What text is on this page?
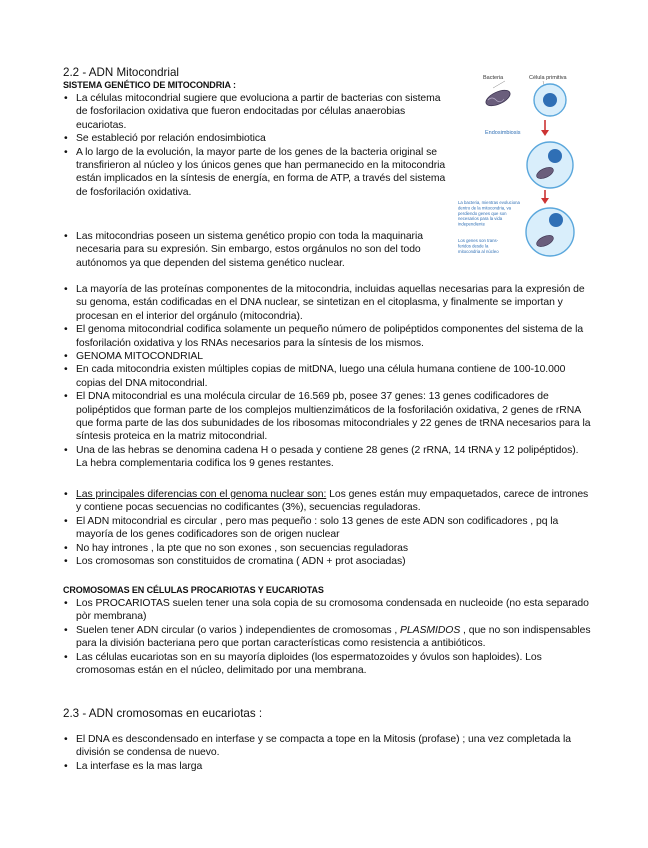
2.2 - ADN Mitocondrial
SISTEMA GENÉTICO DE MITOCONDRIA :
• La células mitocondrial sugiere que evoluciona a partir de bacterias con sistema de fosforilacion oxidativa que fueron endocitadas por células anaerobias eucariotas.
• Se estableció por relación endosimbiotica
• A lo largo de la evolución, la mayor parte de los genes de la bacteria original se transfirieron al núcleo y los únicos genes que han permanecido en la mitocondria están implicados en la síntesis de energía, en forma de ATP, a través del sistema de fosforilación oxidativa.
• Las mitocondrias poseen un sistema genético propio con toda la maquinaria necesaria para su expresión. Sin embargo, estos orgánulos no son del todo autónomos ya que dependen del sistema genético nuclear.
• La mayoría de las proteínas componentes de la mitocondria, incluidas aquellas necesarias para la expresión de su genoma, están codificadas en el DNA nuclear, se sintetizan en el citoplasma, y finalmente se importan y procesan en el interior del orgánulo (mitocondria).
• El genoma mitocondrial codifica solamente un pequeño número de polipéptidos componentes del sistema de la fosforilación oxidativa y los RNAs necesarios para la síntesis de los mismos.
• GENOMA MITOCONDRIAL
• En cada mitocondria existen múltiples copias de mitDNA, luego una célula humana contiene de 100-10.000 copias del DNA mitocondrial.
• El DNA mitocondrial es una molécula circular de 16.569 pb, posee 37 genes: 13 genes codificadores de polipéptidos que forman parte de los complejos multienzimáticos de la fosforilación oxidativa, 2 genes de rRNA que forma parte de las dos subunidades de los ribosomas mitocondriales y 22 genes de tRNA necesarios para la síntesis proteica en la matriz mitocondrial.
• Una de las hebras se denomina cadena H o pesada y contiene 28 genes (2 rRNA, 14 tRNA y 12 polipéptidos). La hebra complementaria codifica los 9 genes restantes.
• Las principales diferencias con el genoma nuclear son: Los genes están muy empaquetados, carece de intrones y contiene pocas secuencias no codificantes (3%), secuencias reguladoras.
• El ADN mitocondrial es circular , pero mas pequeño : solo 13 genes de este ADN son codificadores , pq la mayoría de los genes codificadores son de origen nuclear
• No hay intrones , la pte que no son exones , son secuencias reguladoras
• Los cromosomas son constituidos de cromatina ( ADN + prot asociadas)
CROMOSOMAS EN CÉLULAS PROCARIOTAS Y EUCARIOTAS
• Los PROCARIOTAS suelen tener una sola copia de su cromosoma condensada en nucleoide (no esta separado pòr membrana)
• Suelen tener ADN circular (o varios ) independientes de cromosomas , PLASMIDOS , que no son indispensables para la división bacteriana pero que portan características como resistencia a antibióticos.
• Las células eucariotas son en su mayoría diploides (los espermatozoides y óvulos son haploides). Los cromosomas están en el núcleo, delimitado por una membrana.
2.3 - ADN cromosomas en eucariotas :
• El DNA es descondensado en interfase y se compacta a tope en la Mitosis (profase) ; una vez completada la división se condensa de nuevo.
• La interfase es la mas larga
Bacteria	Célula primitiva
Endosimbiosis
La bacteria, mientras evoluciona dentro de la mitocondria, va perdiendo genes que son necesarios para la vida independiente
Los genes son trans- feridos desde la mitocondria al núcleo
